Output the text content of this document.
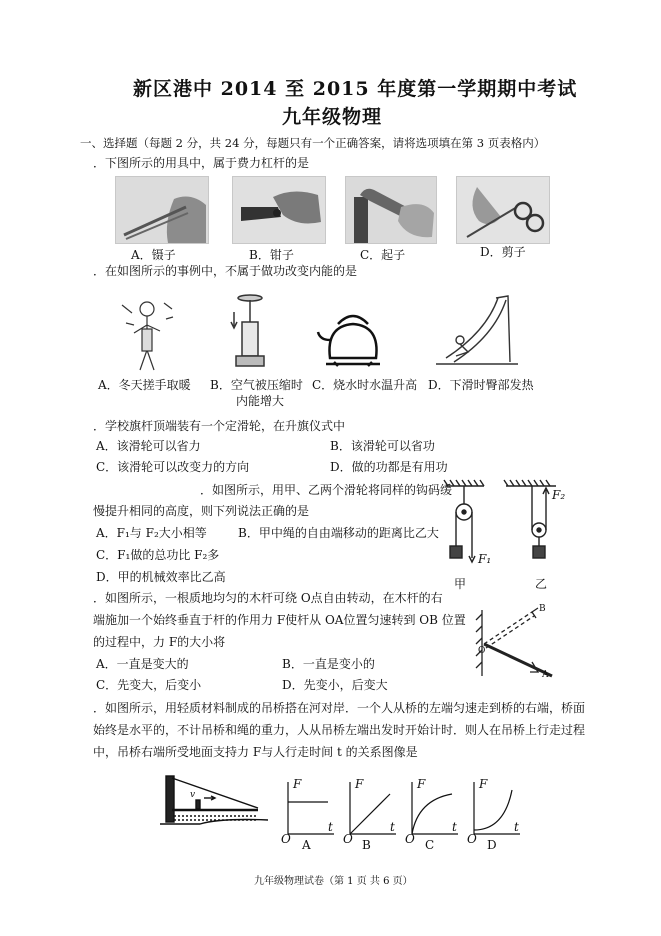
新区港中 2014 至 2015 年度第一学期期中考试
九年级物理
一、选择题（每题 2 分，共 24 分，每题只有一个正确答案，请将选项填在第 3 页表格内）
．下图所示的用具中，属于费力杠杆的是
A．镊子	B．钳子	C．起子	D．剪子
．在如图所示的事例中，不属于做功改变内能的是
A．冬天搓手取暖 B．空气被压缩时
内能增大
C．烧水时水温升高 D．下滑时臀部发热
．学校旗杆顶端装有一个定滑轮，在升旗仪式中
A．该滑轮可以省力	B．该滑轮可以省功
C．该滑轮可以改变力的方向	D．做的功都是有用功
．如图所示，用甲、乙两个滑轮将同样的钩码缓
慢提升相同的高度，则下列说法正确的是
A．F₁与 F₂大小相等	B．甲中绳的自由端移动的距离比乙大
C．F₁做的总功比 F₂多
D．甲的机械效率比乙高	甲	乙
F₁
F₂
．如图所示，一根质地均匀的木杆可绕 O点自由转动，在木杆的右
端施加一个始终垂直于杆的作用力 F使杆从 OA位置匀速转到 OB 位置
的过程中，力 F的大小将
A．一直是变大的	B．一直是变小的
C．先变大，后变小	D．先变小，后变大
B
A
O
．如图所示，用轻质材料制成的吊桥搭在河对岸．一个人从桥的左端匀速走到桥的右端，桥面
始终是水平的，不计吊桥和绳的重力，人从吊桥左端出发时开始计时．则人在吊桥上行走过程
中，吊桥右端所受地面支持力 F与人行走时间 t 的关系图像是
v
F
t
O A
F
t
O B
F
t
O C
F
t
O D
九年级物理试卷（第 1 页 共 6 页）
